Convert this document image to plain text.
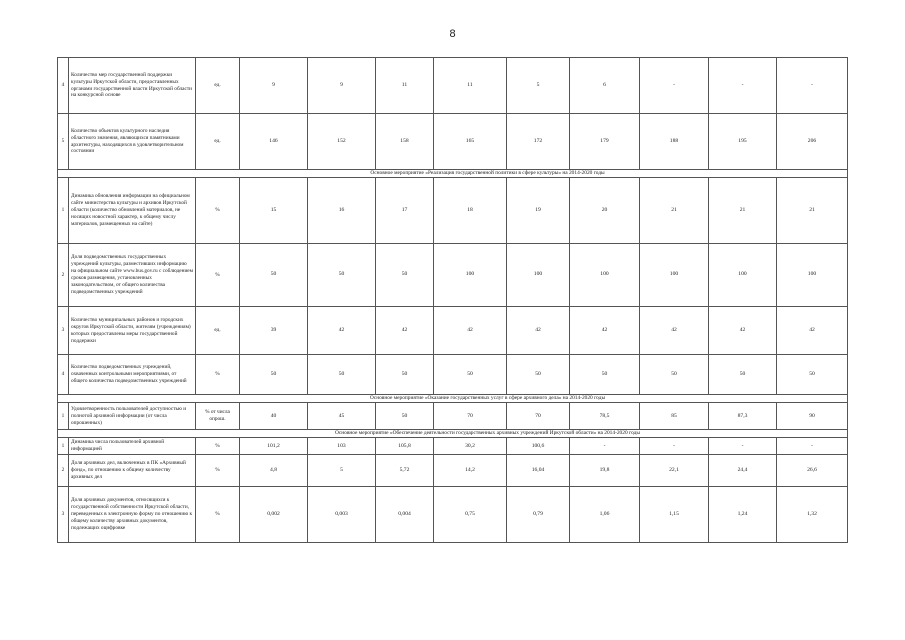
8
4	Количество мер государственной поддержки культуры Иркутской области, предоставленных органами государственной власти Иркутской области на конкурсной основе	ед.	9	9	11	11	5	6	-	-	-
5	Количество объектов культурного наследия областного значения, являющихся памятниками архитектуры, находящихся в удовлетворительном состоянии	ед.	146	152	158	165	172	179	188	195	206

Основное мероприятие «Реализация государственной политики в сфере культуры» на 2014-2020 годы											

1	Динамика обновления информации на официальном сайте министерства культуры и архивов Иркутской области (количество обновлений материалов, не носящих новостной характер, к общему числу материалов, размещенных на сайте)	%	15	16	17	18	19	20	21	21	21
2	Доля подведомственных государственных учреждений культуры, разместивших информацию на официальном сайте www.bus.gov.ru с соблюдением сроков размещения, установленных законодательством, от общего количества подведомственных учреждений	%	50	50	50	100	100	100	100	100	100
3	Количество муниципальных районов и городских округов Иркутской области, жителям (учреждениям) которых предоставлены меры государственной поддержки	ед.	39	42	42	42	42	42	42	42	42
4	Количество подведомственных учреждений, охваченных контрольными мероприятиями, от общего количества подведомственных учреждений	%	50	50	50	50	50	50	50	50	50

Основное мероприятие «Оказание государственных услуг в сфере архивного дела» на 2014-2020 годы											

1	Удовлетворенность пользователей доступностью и полнотой архивной информации (от числа опрошенных)	% от числа опрош.	40	45	50	70	70	78,5	85	87,3	90

Основное мероприятие «Обеспечение деятельности государственных архивных учреждений Иркутской области» на 2014-2020 годы											

1	Динамика числа пользователей архивной информацией	%	101,2	103	105,8	30,2	100,6	-	-	-	-
2	Доля архивных дел, включенных в ПК «Архивный фонд», по отношению к общему количеству архивных дел	%	4,8	5	5,72	14,2	16,04	19,8	22,1	24,4	26,6
3	Доля архивных документов, относящихся к государственной собственности Иркутской области, переведенных в электронную форму по отношению к общему количеству архивных документов, подлежащих оцифровке	%	0,002	0,003	0,004	0,75	0,79	1,06	1,15	1,24	1,32
